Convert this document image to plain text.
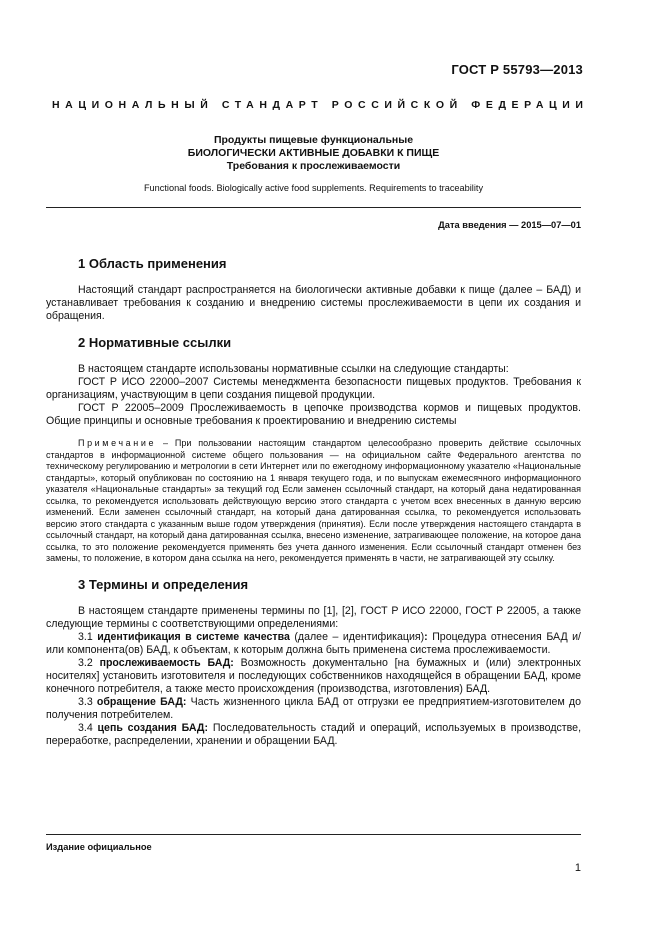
ГОСТ Р 55793—2013
НАЦИОНАЛЬНЫЙ СТАНДАРТ РОССИЙСКОЙ ФЕДЕРАЦИИ
Продукты пищевые функциональные
БИОЛОГИЧЕСКИ АКТИВНЫЕ ДОБАВКИ К ПИЩЕ
Требования к прослеживаемости
Functional foods. Biologically active food supplements. Requirements to traceability
Дата введения — 2015—07—01
1 Область применения

Настоящий стандарт распространяется на биологически активные добавки к пище (далее – БАД) и устанавливает требования к созданию и внедрению системы прослеживаемости в цепи их создания и обращения.

2 Нормативные ссылки

В настоящем стандарте использованы нормативные ссылки на следующие стандарты:

ГОСТ Р ИСО 22000–2007 Системы менеджмента безопасности пищевых продуктов. Требования к организациям, участвующим в цепи создания пищевой продукции.

ГОСТ Р 22005–2009 Прослеживаемость в цепочке производства кормов и пищевых продуктов. Общие принципы и основные требования к проектированию и внедрению системы

Примечание – При пользовании настоящим стандартом целесообразно проверить действие ссылочных стандартов в информационной системе общего пользования — на официальном сайте Федерального агентства по техническому регулированию и метрологии в сети Интернет или по ежегодному информационному указателю «Национальные стандарты», который опубликован по состоянию на 1 января текущего года, и по выпускам ежемесячного информационного указателя «Национальные стандарты» за текущий год Если заменен ссылочный стандарт, на который дана недатированная ссылка, то рекомендуется использовать действующую версию этого стандарта с учетом всех внесенных в данную версию изменений. Если заменен ссылочный стандарт, на который дана датированная ссылка, то рекомендуется использовать версию этого стандарта с указанным выше годом утверждения (принятия). Если после утверждения настоящего стандарта в ссылочный стандарт, на который дана датированная ссылка, внесено изменение, затрагивающее положение, на которое дана ссылка, то это положение рекомендуется применять без учета данного изменения. Если ссылочный стандарт отменен без замены, то положение, в котором дана ссылка на него, рекомендуется применять в части, не затрагивающей эту ссылку.

3 Термины и определения

В настоящем стандарте применены термины по [1], [2], ГОСТ Р ИСО 22000, ГОСТ Р 22005, а также следующие термины с соответствующими определениями:

3.1 идентификация в системе качества (далее – идентификация): Процедура отнесения БАД и/или компонента(ов) БАД, к объектам, к которым должна быть применена система прослеживаемости.

3.2 прослеживаемость БАД: Возможность документально [на бумажных и (или) электронных носителях] установить изготовителя и последующих собственников находящейся в обращении БАД, кроме конечного потребителя, а также место происхождения (производства, изготовления) БАД.

3.3 обращение БАД: Часть жизненного цикла БАД от отгрузки ее предприятием-изготовителем до получения потребителем.

3.4 цепь создания БАД: Последовательность стадий и операций, используемых в производстве, переработке, распределении, хранении и обращении БАД.

Издание официальное
1
